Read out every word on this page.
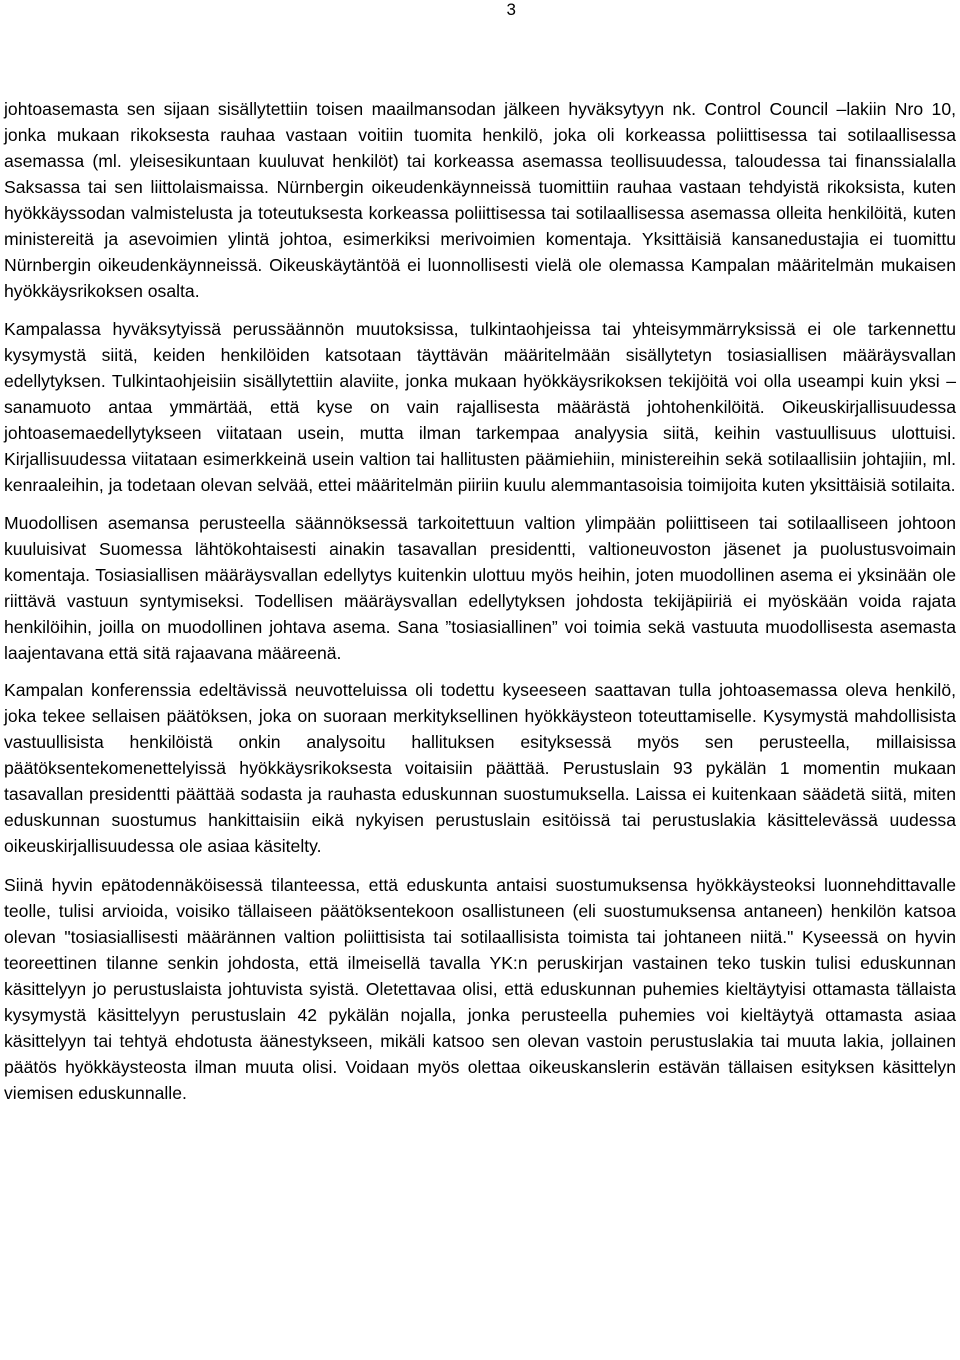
3

johtoasemasta sen sijaan sisällytettiin toisen maailmansodan jälkeen hyväksytyyn nk. Control Council –lakiin Nro 10, jonka mukaan rikoksesta rauhaa vastaan voitiin tuomita henkilö, joka oli korkeassa poliittisessa tai sotilaallisessa asemassa (ml. yleisesikuntaan kuuluvat henkilöt) tai korkeassa asemassa teollisuudessa, taloudessa tai finanssialalla Saksassa tai sen liittolaismaissa. Nürnbergin oikeudenkäynneissä tuomittiin rauhaa vastaan tehdyistä rikoksista, kuten hyökkäyssodan valmistelusta ja toteutuksesta korkeassa poliittisessa tai sotilaallisessa asemassa olleita henkilöitä, kuten ministereitä ja asevoimien ylintä johtoa, esimerkiksi merivoimien komentaja. Yksittäisiä kansanedustajia ei tuomittu Nürnbergin oikeudenkäynneissä. Oikeuskäytäntöä ei luonnollisesti vielä ole olemassa Kampalan määritelmän mukaisen hyökkäysrikoksen osalta.

Kampalassa hyväksytyissä perussäännön muutoksissa, tulkintaohjeissa tai yhteisymmärryksissä ei ole tarkennettu kysymystä siitä, keiden henkilöiden katsotaan täyttävän määritelmään sisällytetyn tosiasiallisen määräysvallan edellytyksen. Tulkintaohjeisiin sisällytettiin alaviite, jonka mukaan hyökkäysrikoksen tekijöitä voi olla useampi kuin yksi – sanamuoto antaa ymmärtää, että kyse on vain rajallisesta määrästä johtohenkilöitä. Oikeuskirjallisuudessa johtoasemaedellytykseen viitataan usein, mutta ilman tarkempaa analyysia siitä, keihin vastuullisuus ulottuisi. Kirjallisuudessa viitataan esimerkkeinä usein valtion tai hallitusten päämiehiin, ministereihin sekä sotilaallisiin johtajiin, ml. kenraaleihin, ja todetaan olevan selvää, ettei määritelmän piiriin kuulu alemmantasoisia toimijoita kuten yksittäisiä sotilaita.

Muodollisen asemansa perusteella säännöksessä tarkoitettuun valtion ylimpään poliittiseen tai sotilaalliseen johtoon kuuluisivat Suomessa lähtökohtaisesti ainakin tasavallan presidentti, valtioneuvoston jäsenet ja puolustusvoimain komentaja. Tosiasiallisen määräysvallan edellytys kuitenkin ulottuu myös heihin, joten muodollinen asema ei yksinään ole riittävä vastuun syntymiseksi. Todellisen määräysvallan edellytyksen johdosta tekijäpiiriä ei myöskään voida rajata henkilöihin, joilla on muodollinen johtava asema. Sana ”tosiasiallinen” voi toimia sekä vastuuta muodollisesta asemasta laajentavana että sitä rajaavana määreenä.

Kampalan konferenssia edeltävissä neuvotteluissa oli todettu kyseeseen saattavan tulla johtoasemassa oleva henkilö, joka tekee sellaisen päätöksen, joka on suoraan merkityksellinen hyökkäysteon toteuttamiselle. Kysymystä mahdollisista vastuullisista henkilöistä onkin analysoitu hallituksen esityksessä myös sen perusteella, millaisissa päätöksentekomenettelyissä hyökkäysrikoksesta voitaisiin päättää. Perustuslain 93 pykälän 1 momentin mukaan tasavallan presidentti päättää sodasta ja rauhasta eduskunnan suostumuksella. Laissa ei kuitenkaan säädetä siitä, miten eduskunnan suostumus hankittaisiin eikä nykyisen perustuslain esitöissä tai perustuslakia käsittelevässä uudessa oikeuskirjallisuudessa ole asiaa käsitelty.

Siinä hyvin epätodennäköisessä tilanteessa, että eduskunta antaisi suostumuksensa hyökkäysteoksi luonnehdittavalle teolle, tulisi arvioida, voisiko tällaiseen päätöksentekoon osallistuneen (eli suostumuksensa antaneen) henkilön katsoa olevan "tosiasiallisesti määrännen valtion poliittisista tai sotilaallisista toimista tai johtaneen niitä." Kyseessä on hyvin teoreettinen tilanne senkin johdosta, että ilmeisellä tavalla YK:n peruskirjan vastainen teko tuskin tulisi eduskunnan käsittelyyn jo perustuslaista johtuvista syistä. Oletettavaa olisi, että eduskunnan puhemies kieltäytyisi ottamasta tällaista kysymystä käsittelyyn perustuslain 42 pykälän nojalla, jonka perusteella puhemies voi kieltäytyä ottamasta asiaa käsittelyyn tai tehtyä ehdotusta äänestykseen, mikäli katsoo sen olevan vastoin perustuslakia tai muuta lakia, jollainen päätös hyökkäysteosta ilman muuta olisi. Voidaan myös olettaa oikeuskanslerin estävän tällaisen esityksen käsittelyn viemisen eduskunnalle.
